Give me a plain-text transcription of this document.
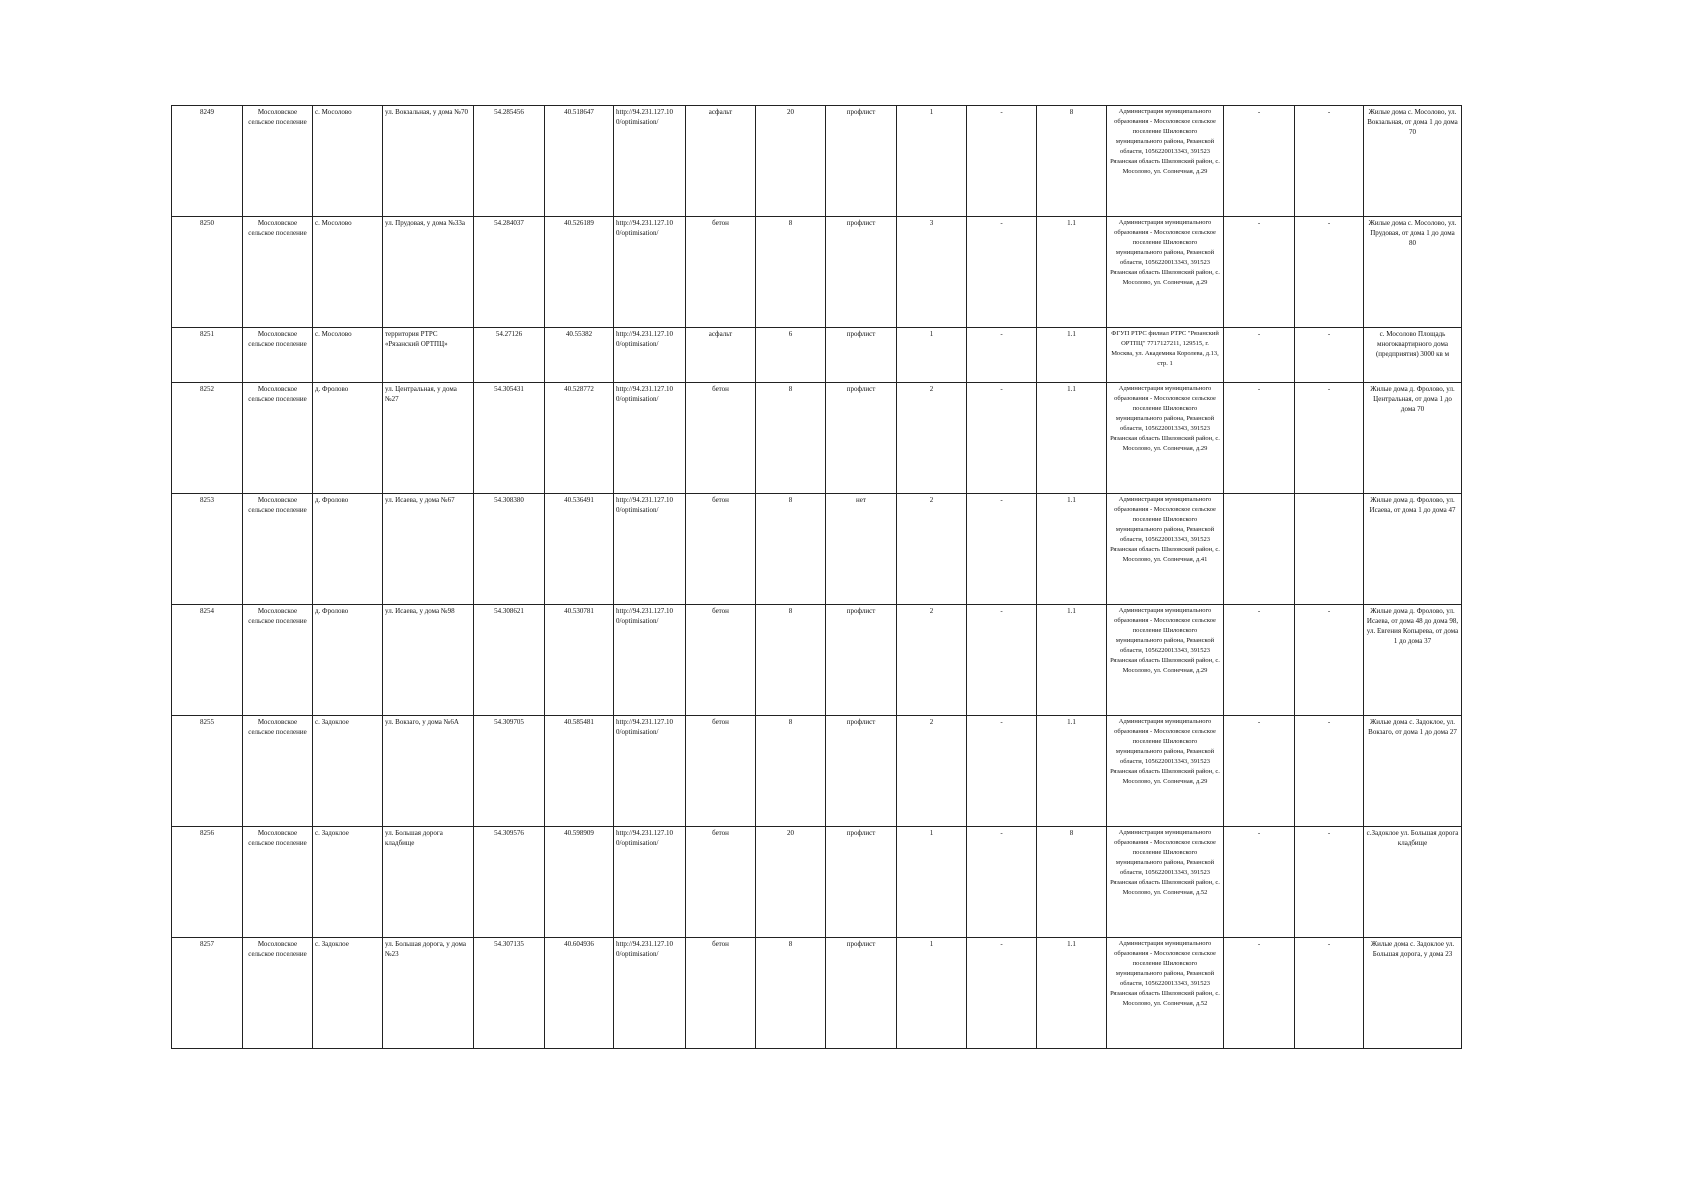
8249	Мосоловское сельское поселение	с. Мосолово	ул. Вокзальная, у дома №70	54.285456	40.518647	http://94.231.127.10 0/optimisation/	асфальт	20	профлист	1	-	8	Администрация муниципального образования - Мосоловское сельское поселение Шиловского муниципального района, Рязанской области, 1056220013343, 391523 Рязанская область Шиловский район, с. Мосолово, ул. Солнечная, д.29	-	-	Жилые дома с. Мосолово, ул. Вокзальная, от дома 1 до дома 70
8250	Мосоловское сельское поселение	с. Мосолово	ул. Прудовая, у дома №33а	54.284037	40.526189	http://94.231.127.10 0/optimisation/	бетон	8	профлист	3	-	1.1	Администрация муниципального образования - Мосоловское сельское поселение Шиловского муниципального района, Рязанской области, 1056220013343, 391523 Рязанская область Шиловский район, с. Мосолово, ул. Солнечная, д.29	-	-	Жилые дома с. Мосолово, ул. Прудовая, от дома 1 до дома 80
8251	Мосоловское сельское поселение	с. Мосолово	территория РТРС «Рязанский ОРТПЦ»	54.27126	40.55382	http://94.231.127.10 0/optimisation/	асфальт	6	профлист	1	-	1.1	ФГУП РТРС филиал РТРС "Рязанский ОРТПЦ" 7717127211, 129515, г. Москва, ул. Академика Королева, д.13, стр. 1	-	-	с. Мосолово Площадь многоквартирного дома (предприятия) 3000 кв м
8252	Мосоловское сельское поселение	д. Фролово	ул. Центральная, у дома №27	54.305431	40.528772	http://94.231.127.10 0/optimisation/	бетон	8	профлист	2	-	1.1	Администрация муниципального образования - Мосоловское сельское поселение Шиловского муниципального района, Рязанской области, 1056220013343, 391523 Рязанская область Шиловский район, с. Мосолово, ул. Солнечная, д.29	-	-	Жилые дома д. Фролово, ул. Центральная, от дома 1 до дома 70
8253	Мосоловское сельское поселение	д. Фролово	ул. Исаева, у дома №67	54.308380	40.536491	http://94.231.127.10 0/optimisation/	бетон	8	нет	2	-	1.1	Администрация муниципального образования - Мосоловское сельское поселение Шиловского муниципального района, Рязанской области, 1056220013343, 391523 Рязанская область Шиловский район, с. Мосолово, ул. Солнечная, д.41			Жилые дома д. Фролово, ул. Исаева, от дома 1 до дома 47
8254	Мосоловское сельское поселение	д. Фролово	ул. Исаева, у дома №98	54.308621	40.530781	http://94.231.127.10 0/optimisation/	бетон	8	профлист	2	-	1.1	Администрация муниципального образования - Мосоловское сельское поселение Шиловского муниципального района, Рязанской области, 1056220013343, 391523 Рязанская область Шиловский район, с. Мосолово, ул. Солнечная, д.29	-	-	Жилые дома д. Фролово, ул. Исаева, от дома 48 до дома 98, ул. Евгения Копырева, от дома 1 до дома 37
8255	Мосоловское сельское поселение	с. Задоклое	ул. Вокзаго, у дома №6А	54.309705	40.585481	http://94.231.127.10 0/optimisation/	бетон	8	профлист	2	-	1.1	Администрация муниципального образования - Мосоловское сельское поселение Шиловского муниципального района, Рязанской области, 1056220013343, 391523 Рязанская область Шиловский район, с. Мосолово, ул. Солнечная, д.29	-	-	Жилые дома с. Задоклое, ул. Вокзаго, от дома 1 до дома 27
8256	Мосоловское сельское поселение	с. Задоклое	ул. Большая дорога кладбище	54.309576	40.598909	http://94.231.127.10 0/optimisation/	бетон	20	профлист	1	-	8	Администрация муниципального образования - Мосоловское сельское поселение Шиловского муниципального района, Рязанской области, 1056220013343, 391523 Рязанская область Шиловский район, с. Мосолово, ул. Солнечная, д.52	-	-	с.Задоклое ул. Большая дорога кладбище
8257	Мосоловское сельское поселение	с. Задоклое	ул. Большая дорога, у дома №23	54.307135	40.604936	http://94.231.127.10 0/optimisation/	бетон	8	профлист	1	-	1.1	Администрация муниципального образования - Мосоловское сельское поселение Шиловского муниципального района, Рязанской области, 1056220013343, 391523 Рязанская область Шиловский район, с. Мосолово, ул. Солнечная, д.52	-	-	Жилые дома с. Задоклое ул. Большая дорога, у дома 23
